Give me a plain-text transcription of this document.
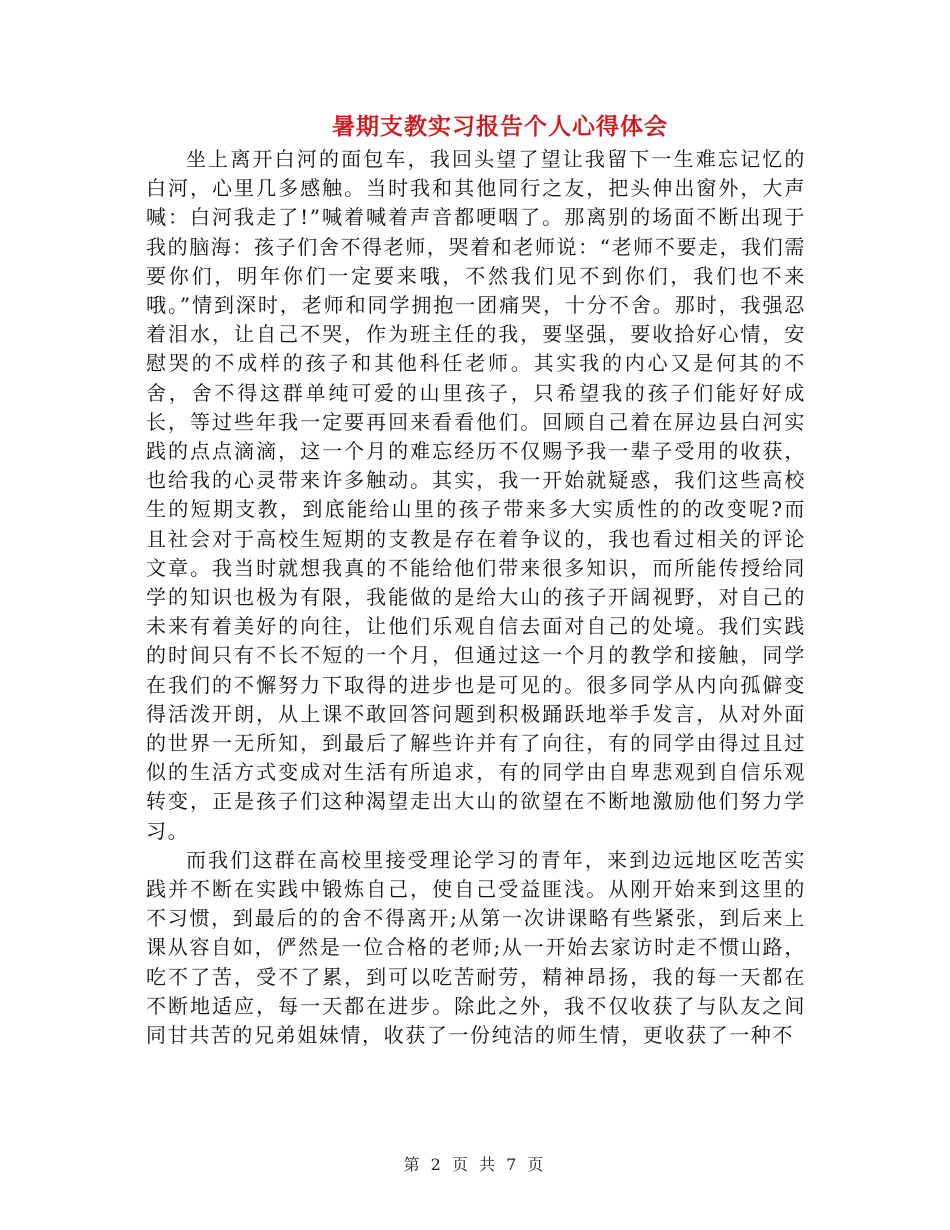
暑期支教实习报告个人心得体会

坐上离开白河的面包车，我回头望了望让我留下一生难忘记忆的白河，心里几多感触。当时我和其他同行之友，把头伸出窗外，大声喊：白河我走了!”喊着喊着声音都哽咽了。那离别的场面不断出现于我的脑海：孩子们舍不得老师，哭着和老师说：“老师不要走，我们需要你们，明年你们一定要来哦，不然我们见不到你们，我们也不来哦。”情到深时，老师和同学拥抱一团痛哭，十分不舍。那时，我强忍着泪水，让自己不哭，作为班主任的我，要坚强，要收拾好心情，安慰哭的不成样的孩子和其他科任老师。其实我的内心又是何其的不舍，舍不得这群单纯可爱的山里孩子，只希望我的孩子们能好好成长，等过些年我一定要再回来看看他们。回顾自己着在屏边县白河实践的点点滴滴，这一个月的难忘经历不仅赐予我一辈子受用的收获，也给我的心灵带来许多触动。其实，我一开始就疑惑，我们这些高校生的短期支教，到底能给山里的孩子带来多大实质性的的改变呢?而且社会对于高校生短期的支教是存在着争议的，我也看过相关的评论文章。我当时就想我真的不能给他们带来很多知识，而所能传授给同学的知识也极为有限，我能做的是给大山的孩子开阔视野，对自己的未来有着美好的向往，让他们乐观自信去面对自己的处境。我们实践的时间只有不长不短的一个月，但通过这一个月的教学和接触，同学在我们的不懈努力下取得的进步也是可见的。很多同学从内向孤僻变得活泼开朗，从上课不敢回答问题到积极踊跃地举手发言，从对外面的世界一无所知，到最后了解些许并有了向往，有的同学由得过且过似的生活方式变成对生活有所追求，有的同学由自卑悲观到自信乐观转变，正是孩子们这种渴望走出大山的欲望在不断地激励他们努力学习。

而我们这群在高校里接受理论学习的青年，来到边远地区吃苦实践并不断在实践中锻炼自己，使自己受益匪浅。从刚开始来到这里的不习惯，到最后的的舍不得离开;从第一次讲课略有些紧张，到后来上课从容自如，俨然是一位合格的老师;从一开始去家访时走不惯山路，吃不了苦，受不了累，到可以吃苦耐劳，精神昂扬，我的每一天都在不断地适应，每一天都在进步。除此之外，我不仅收获了与队友之间同甘共苦的兄弟姐妹情，收获了一份纯洁的师生情，更收获了一种不

第 2 页 共 7 页
